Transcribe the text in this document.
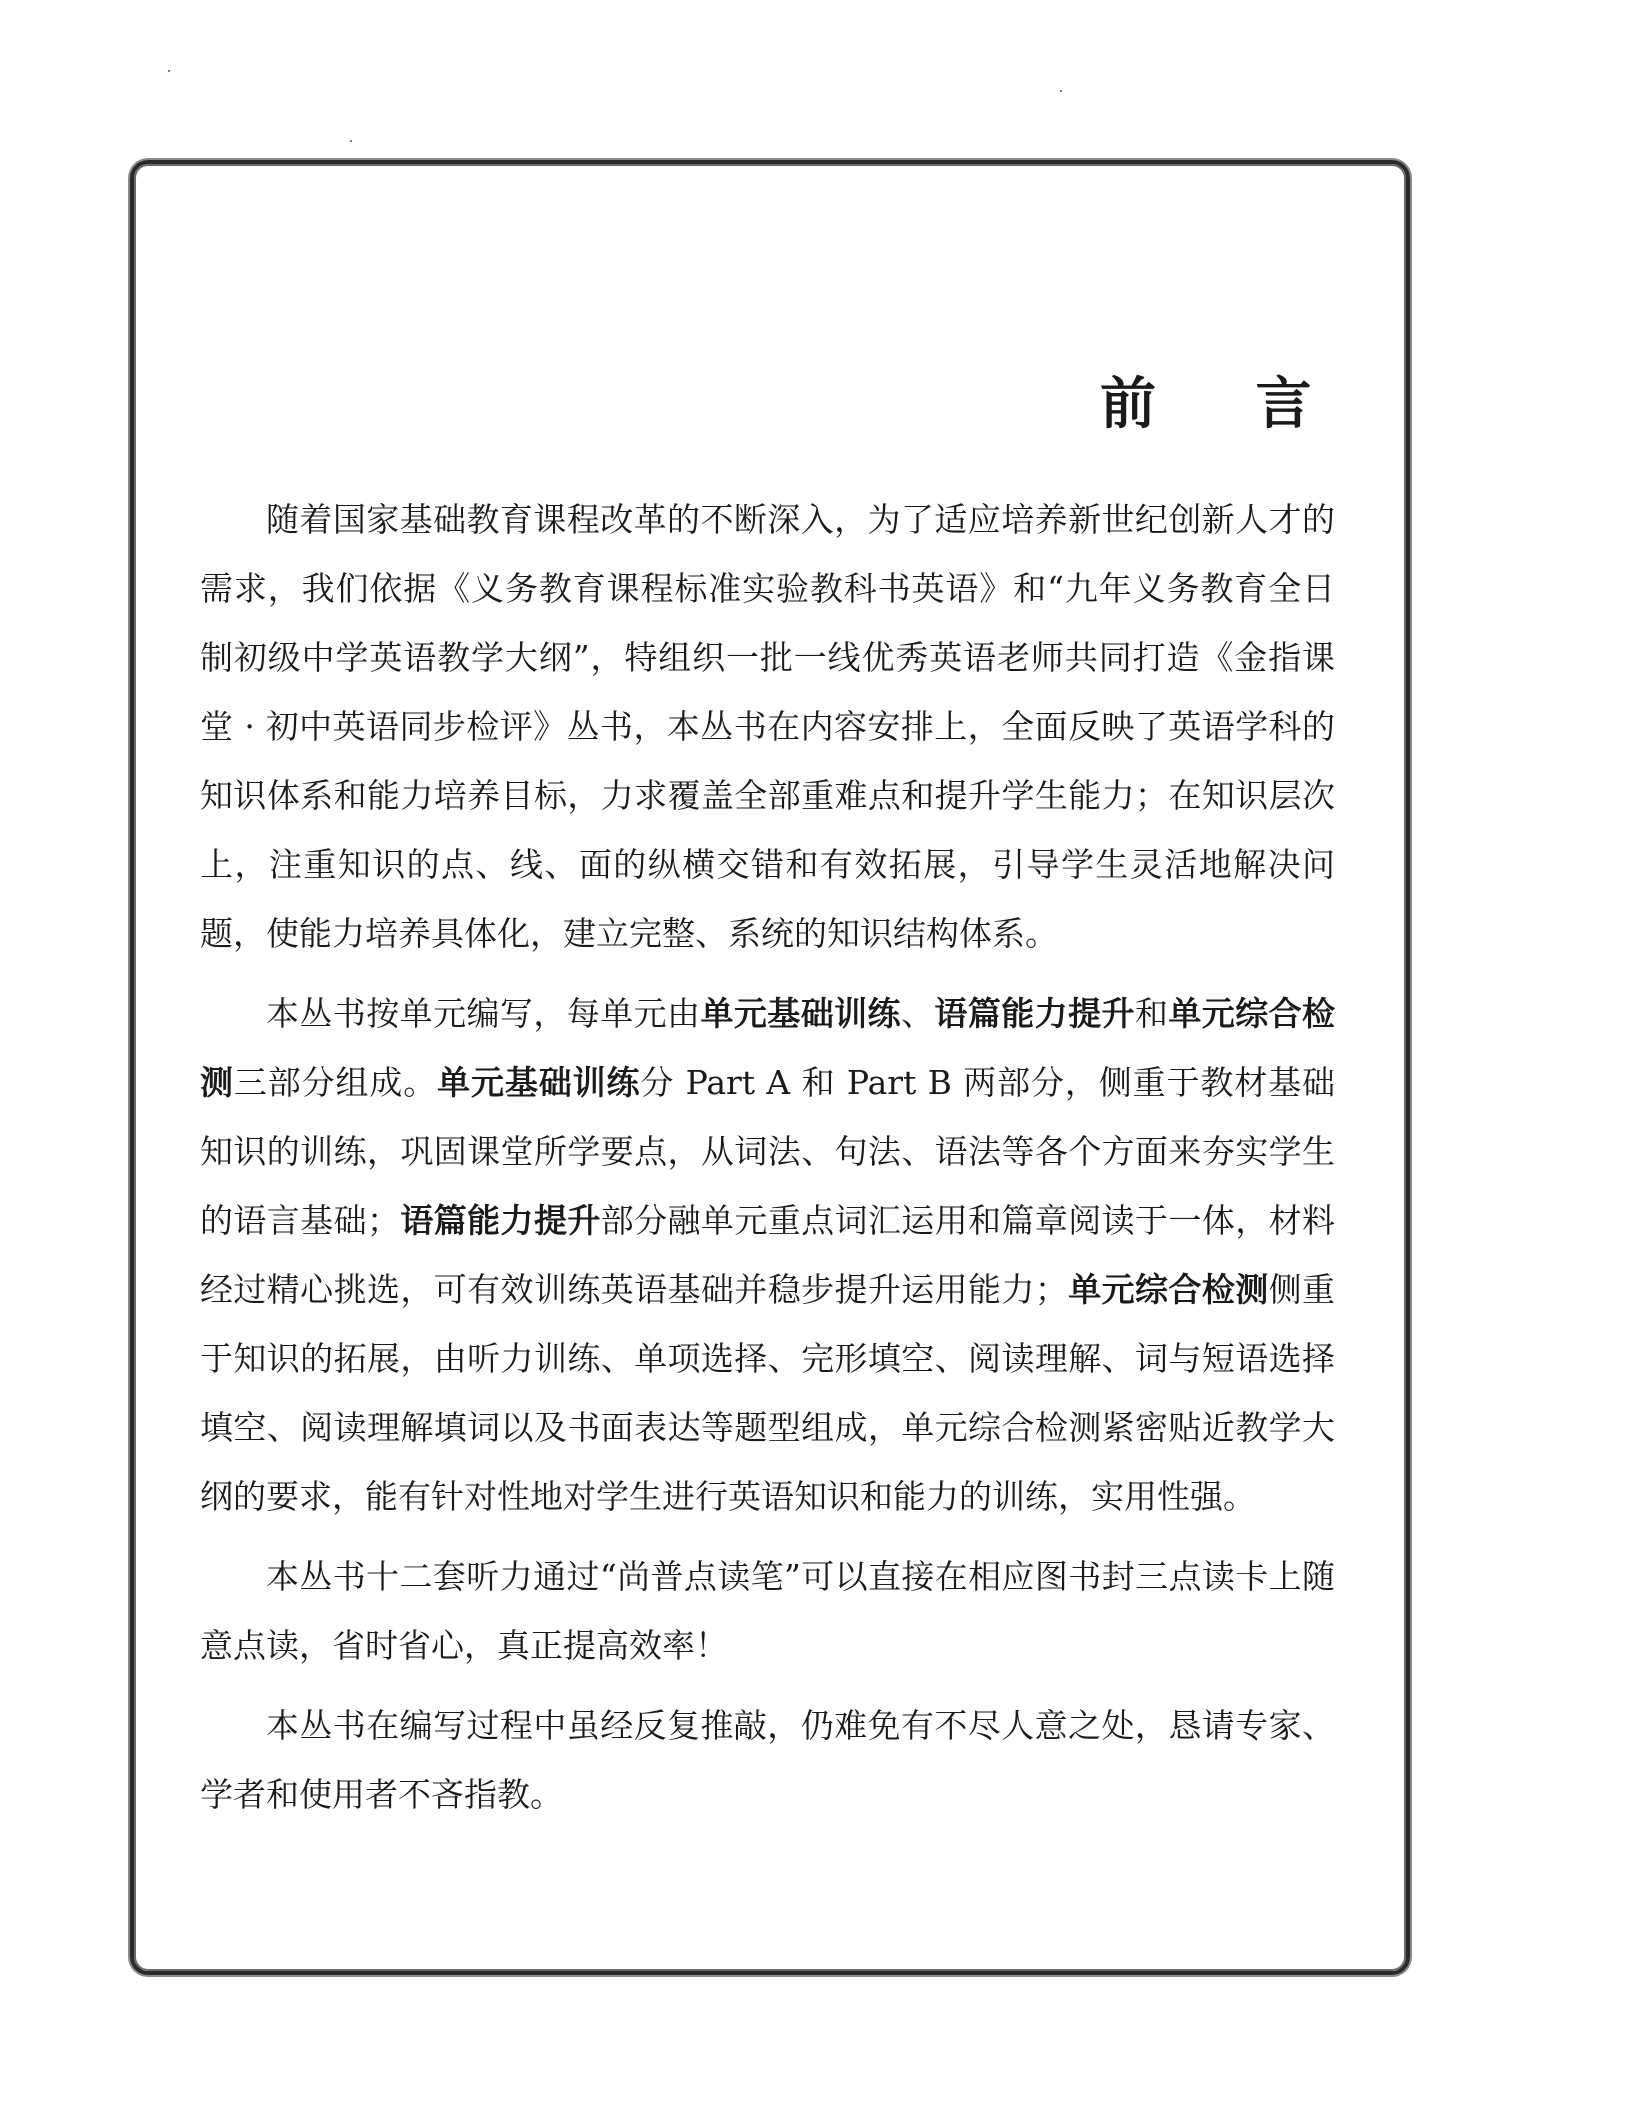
前 言

随着国家基础教育课程改革的不断深入，为了适应培养新世纪创新人才的需求，我们依据《义务教育课程标准实验教科书英语》和“九年义务教育全日制初级中学英语教学大纲”，特组织一批一线优秀英语老师共同打造《金指课堂 · 初中英语同步检评》丛书，本丛书在内容安排上，全面反映了英语学科的知识体系和能力培养目标，力求覆盖全部重难点和提升学生能力；在知识层次上，注重知识的点、线、面的纵横交错和有效拓展，引导学生灵活地解决问题，使能力培养具体化，建立完整、系统的知识结构体系。

本丛书按单元编写，每单元由单元基础训练、语篇能力提升和单元综合检测三部分组成。单元基础训练分 Part A 和 Part B 两部分，侧重于教材基础知识的训练，巩固课堂所学要点，从词法、句法、语法等各个方面来夯实学生的语言基础；语篇能力提升部分融单元重点词汇运用和篇章阅读于一体，材料经过精心挑选，可有效训练英语基础并稳步提升运用能力；单元综合检测侧重于知识的拓展，由听力训练、单项选择、完形填空、阅读理解、词与短语选择填空、阅读理解填词以及书面表达等题型组成，单元综合检测紧密贴近教学大纲的要求，能有针对性地对学生进行英语知识和能力的训练，实用性强。

本丛书十二套听力通过“尚普点读笔”可以直接在相应图书封三点读卡上随意点读，省时省心，真正提高效率！

本丛书在编写过程中虽经反复推敲，仍难免有不尽人意之处，恳请专家、学者和使用者不吝指教。
